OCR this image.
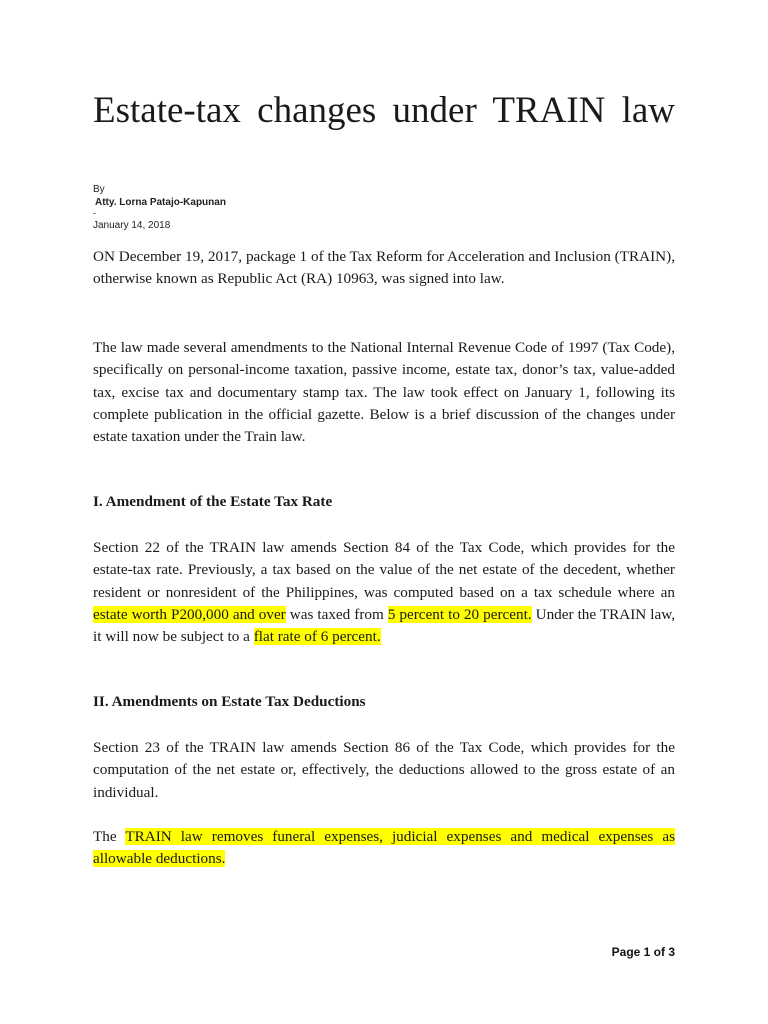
Estate-tax changes under TRAIN law
By
Atty. Lorna Patajo-Kapunan
-
January 14, 2018

ON December 19, 2017, package 1 of the Tax Reform for Acceleration and Inclusion (TRAIN), otherwise known as Republic Act (RA) 10963, was signed into law.

The law made several amendments to the National Internal Revenue Code of 1997 (Tax Code), specifically on personal-income taxation, passive income, estate tax, donor’s tax, value-added tax, excise tax and documentary stamp tax. The law took effect on January 1, following its complete publication in the official gazette. Below is a brief discussion of the changes under estate taxation under the Train law.

I. Amendment of the Estate Tax Rate

Section 22 of the TRAIN law amends Section 84 of the Tax Code, which provides for the estate-tax rate. Previously, a tax based on the value of the net estate of the decedent, whether resident or nonresident of the Philippines, was computed based on a tax schedule where an estate worth P200,000 and over was taxed from 5 percent to 20 percent. Under the TRAIN law, it will now be subject to a flat rate of 6 percent.

II. Amendments on Estate Tax Deductions

Section 23 of the TRAIN law amends Section 86 of the Tax Code, which provides for the computation of the net estate or, effectively, the deductions allowed to the gross estate of an individual.

The TRAIN law removes funeral expenses, judicial expenses and medical expenses as allowable deductions.

Page 1 of 3
